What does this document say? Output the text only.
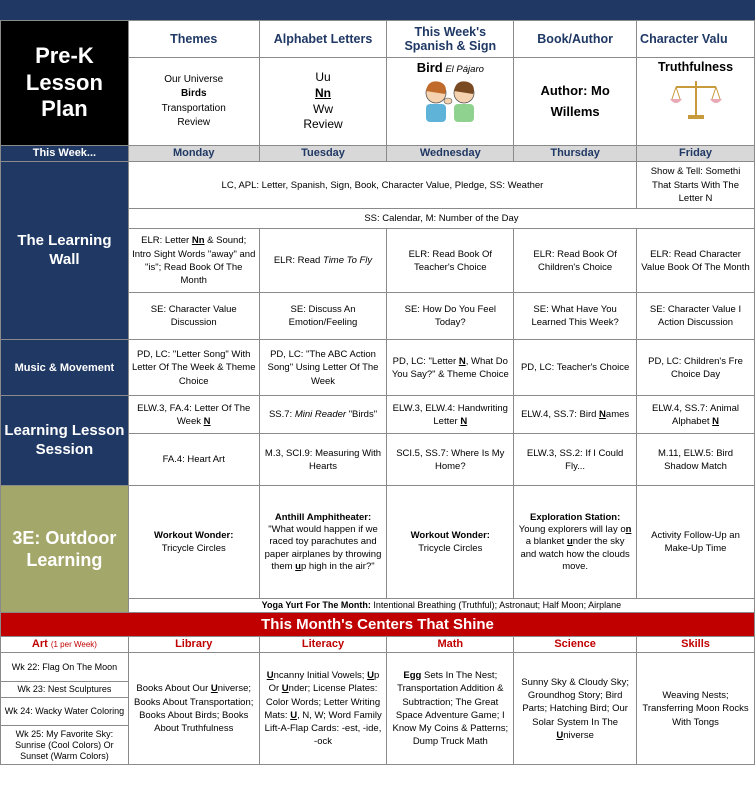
Pre-K
Lesson
Plan	Themes	Alphabet Letters	This Week's Spanish & Sign	Book/Author	Character Valu
	Our Universe
Birds
Transportation
Review	Uu
Nn
Ww
Review	Bird El Pájaro	Author: Mo Willems	Truthfulness

This Week...	Monday	Tuesday	Wednesday	Thursday	Friday
The Learning Wall	LC, APL: Letter, Spanish, Sign, Book, Character Value, Pledge, SS: Weather				Show & Tell: Somethi That Starts With The Letter N
	SS: Calendar, M: Number of the Day				
	ELR: Letter Nn & Sound; Intro Sight Words "away" and "is"; Read Book Of The Month	ELR: Read Time To Fly	ELR: Read Book Of Teacher's Choice	ELR: Read Book Of Children's Choice	ELR: Read Character Value Book Of The Month
	SE: Character Value Discussion	SE: Discuss An Emotion/Feeling	SE: How Do You Feel Today?	SE: What Have You Learned This Week?	SE: Character Value I Action Discussion
Music & Movement	PD, LC: "Letter Song" With Letter Of The Week & Theme Choice	PD, LC: "The ABC Action Song" Using Letter Of The Week	PD, LC: "Letter N, What Do You Say?" & Theme Choice	PD, LC: Teacher's Choice	PD, LC: Children's Fre Choice Day
Learning Lesson Session	ELW.3, FA.4: Letter Of The Week N	SS.7: Mini Reader "Birds"	ELW.3, ELW.4: Handwriting Letter N	ELW.4, SS.7: Bird Names	ELW.4, SS.7: Animal Alphabet N
	FA.4: Heart Art	M.3, SCI.9: Measuring With Hearts	SCI.5, SS.7: Where Is My Home?	ELW.3, SS.2: If I Could Fly...	M.11, ELW.5: Bird Shadow Match
3E: Outdoor Learning	Workout Wonder:
Tricycle Circles	Anthill Amphitheater:
"What would happen if we raced toy parachutes and paper airplanes by throwing them up high in the air?"	Workout Wonder:
Tricycle Circles	Exploration Station:
Young explorers will lay on a blanket under the sky and watch how the clouds move.	Activity Follow-Up an Make-Up Time
	Yoga Yurt For The Month: Intentional Breathing (Truthful); Astronaut; Half Moon; Airplane				
This Month's Centers That Shine					
Art (1 per Week)	Library	Literacy	Math	Science	Skills
Wk 22: Flag On The Moon	Books About Our Universe; Books About Transportation; Books About Birds; Books About Truthfulness	Uncanny Initial Vowels; Up Or Under; License Plates: Color Words; Letter Writing Mats: U, N, W; Word Family Lift-A-Flap Cards: -est, -ide, -ock	Egg Sets In The Nest; Transportation Addition & Subtraction; The Great Space Adventure Game; I Know My Coins & Patterns; Dump Truck Math	Sunny Sky & Cloudy Sky; Groundhog Story; Bird Parts; Hatching Bird; Our Solar System In The Universe	Weaving Nests; Transferring Moon Rocks With Tongs
Wk 23: Nest Sculptures					
Wk 24: Wacky Water Coloring					
Wk 25: My Favorite Sky: Sunrise (Cool Colors) Or Sunset (Warm Colors)					
